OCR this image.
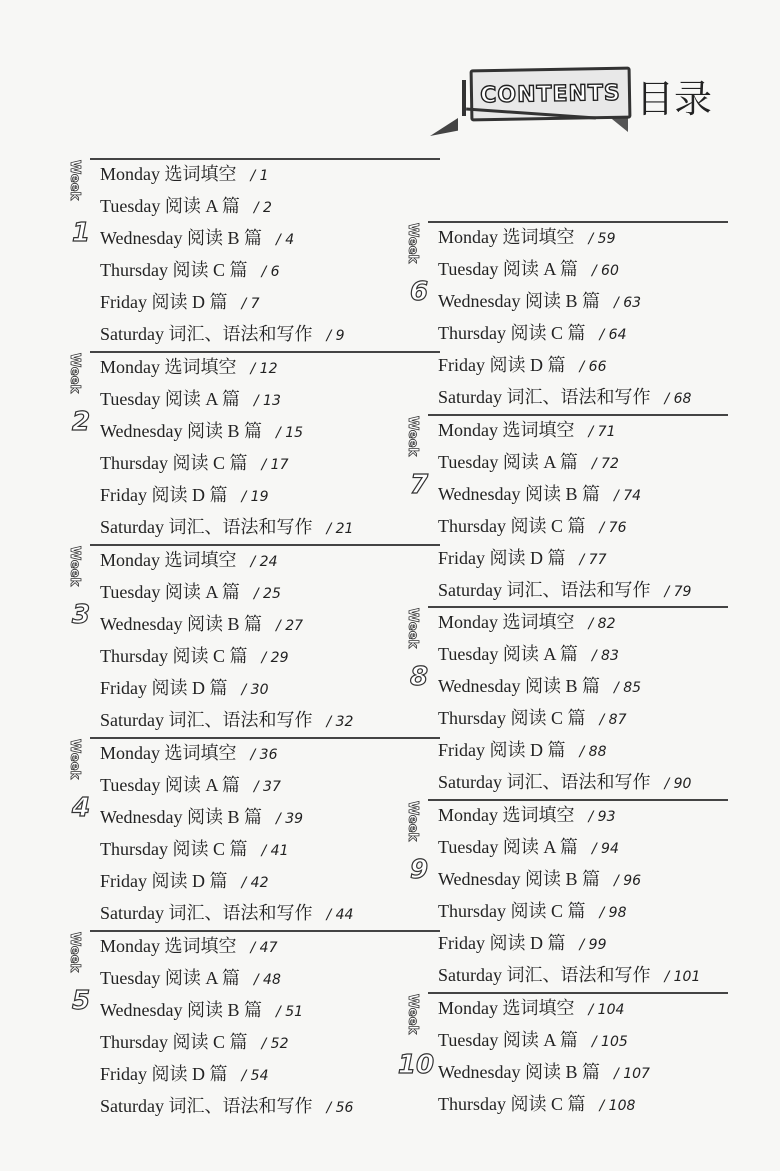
CONTENTS 目录
Week
1
Monday 选词填空 / 1
Tuesday 阅读 A 篇 / 2
Wednesday 阅读 B 篇 / 4
Thursday 阅读 C 篇 / 6
Friday 阅读 D 篇 / 7
Saturday 词汇、语法和写作 / 9
Week
2
Monday 选词填空 / 12
Tuesday 阅读 A 篇 / 13
Wednesday 阅读 B 篇 / 15
Thursday 阅读 C 篇 / 17
Friday 阅读 D 篇 / 19
Saturday 词汇、语法和写作 / 21
Week
3
Monday 选词填空 / 24
Tuesday 阅读 A 篇 / 25
Wednesday 阅读 B 篇 / 27
Thursday 阅读 C 篇 / 29
Friday 阅读 D 篇 / 30
Saturday 词汇、语法和写作 / 32
Week
4
Monday 选词填空 / 36
Tuesday 阅读 A 篇 / 37
Wednesday 阅读 B 篇 / 39
Thursday 阅读 C 篇 / 41
Friday 阅读 D 篇 / 42
Saturday 词汇、语法和写作 / 44
Week
5
Monday 选词填空 / 47
Tuesday 阅读 A 篇 / 48
Wednesday 阅读 B 篇 / 51
Thursday 阅读 C 篇 / 52
Friday 阅读 D 篇 / 54
Saturday 词汇、语法和写作 / 56
Week
6
Monday 选词填空 / 59
Tuesday 阅读 A 篇 / 60
Wednesday 阅读 B 篇 / 63
Thursday 阅读 C 篇 / 64
Friday 阅读 D 篇 / 66
Saturday 词汇、语法和写作 / 68
Week
7
Monday 选词填空 / 71
Tuesday 阅读 A 篇 / 72
Wednesday 阅读 B 篇 / 74
Thursday 阅读 C 篇 / 76
Friday 阅读 D 篇 / 77
Saturday 词汇、语法和写作 / 79
Week
8
Monday 选词填空 / 82
Tuesday 阅读 A 篇 / 83
Wednesday 阅读 B 篇 / 85
Thursday 阅读 C 篇 / 87
Friday 阅读 D 篇 / 88
Saturday 词汇、语法和写作 / 90
Week
9
Monday 选词填空 / 93
Tuesday 阅读 A 篇 / 94
Wednesday 阅读 B 篇 / 96
Thursday 阅读 C 篇 / 98
Friday 阅读 D 篇 / 99
Saturday 词汇、语法和写作 / 101
Week
10
Monday 选词填空 / 104
Tuesday 阅读 A 篇 / 105
Wednesday 阅读 B 篇 / 107
Thursday 阅读 C 篇 / 108
